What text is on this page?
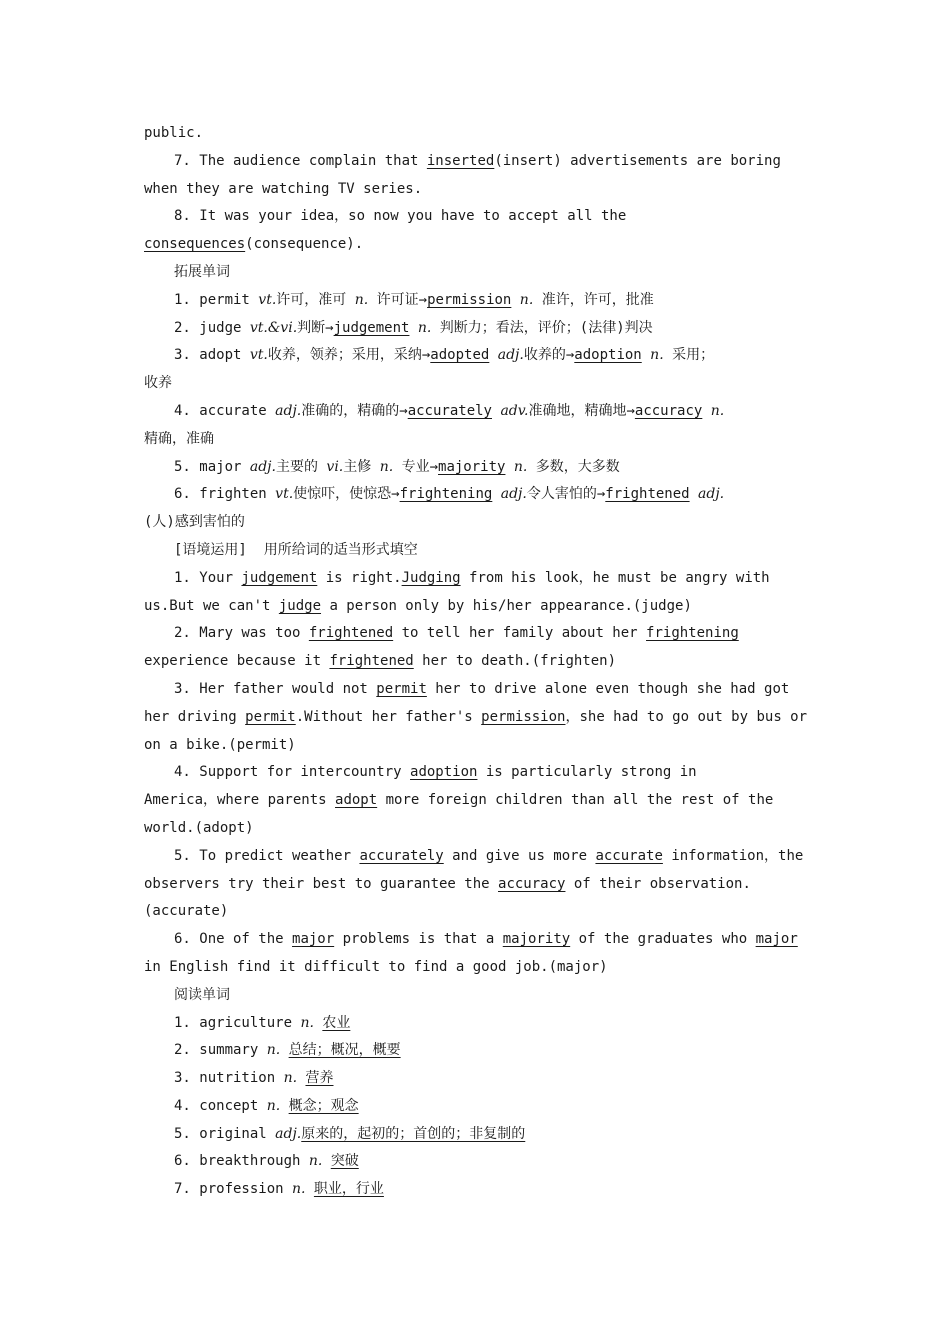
public.
7. The audience complain that inserted(insert) advertisements are boring
when they are watching TV series.
8. It was your idea，so now you have to accept all the
consequences(consequence).
拓展单词
1. permit vt.许可，准可 n. 许可证→permission n. 准许，许可，批准
2. judge vt.&vi.判断→judgement n. 判断力；看法，评价；(法律)判决
3. adopt vt.收养，领养；采用，采纳→adopted adj.收养的→adoption n. 采用；
收养
4. accurate adj.准确的，精确的→accurately adv.准确地，精确地→accuracy n.
精确，准确
5. major adj.主要的 vi.主修 n. 专业→majority n. 多数，大多数
6. frighten vt.使惊吓，使惊恐→frightening adj.令人害怕的→frightened adj.
(人)感到害怕的
[语境运用]  用所给词的适当形式填空
1. Your judgement is right.Judging from his look，he must be angry with
us.But we can't judge a person only by his/her appearance.(judge)
2. Mary was too frightened to tell her family about her frightening
experience because it frightened her to death.(frighten)
3. Her father would not permit her to drive alone even though she had got
her driving permit.Without her father's permission，she had to go out by bus or
on a bike.(permit)
4. Support for intercountry adoption is particularly strong in
America，where parents adopt more foreign children than all the rest of the
world.(adopt)
5. To predict weather accurately and give us more accurate information，the
observers try their best to guarantee the accuracy of their observation.
(accurate)
6. One of the major problems is that a majority of the graduates who major
in English find it difficult to find a good job.(major)
阅读单词
1. agriculture n. 农业
2. summary n. 总结；概况，概要
3. nutrition n. 营养
4. concept n. 概念；观念
5. original adj.原来的，起初的；首创的；非复制的
6. breakthrough n. 突破
7. profession n. 职业，行业
